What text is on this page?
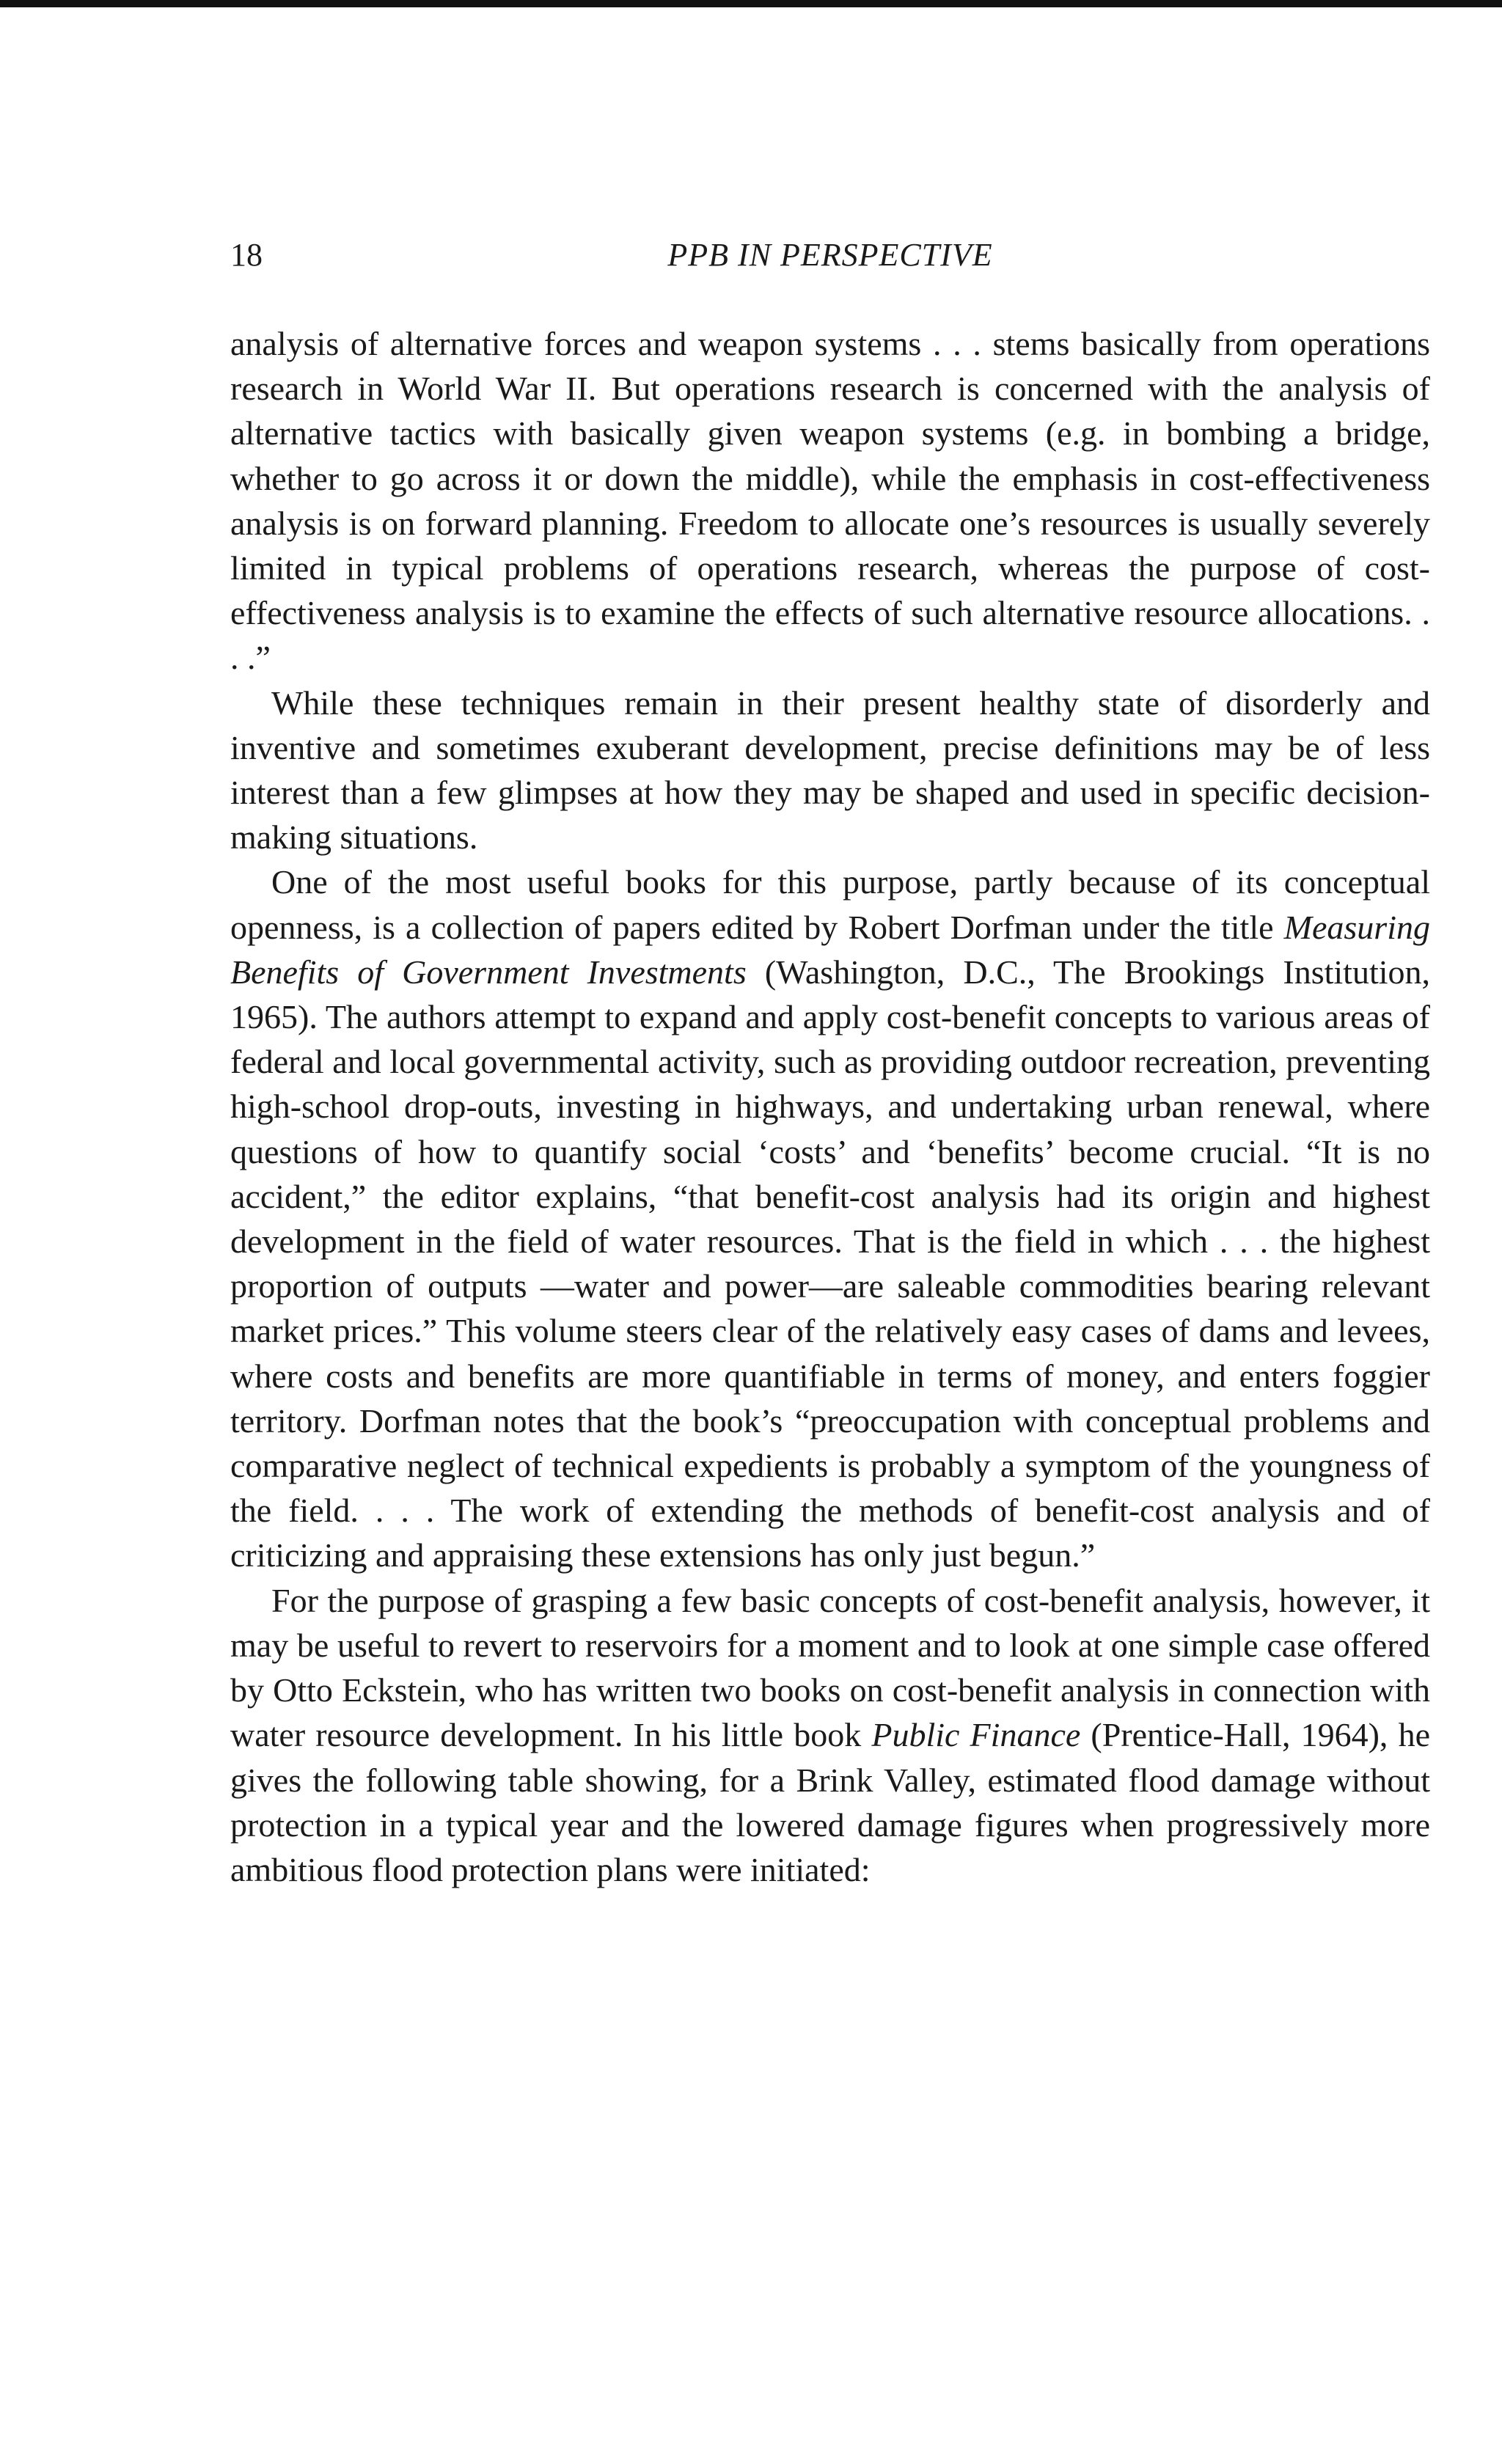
18	PPB IN PERSPECTIVE

analysis of alternative forces and weapon systems . . . stems basically from operations research in World War II. But operations research is concerned with the analysis of alternative tactics with basically given weapon systems (e.g. in bombing a bridge, whether to go across it or down the middle), while the emphasis in cost-effectiveness analysis is on forward planning. Freedom to allocate one’s resources is usually severely limited in typical problems of operations research, whereas the purpose of cost-effectiveness analysis is to examine the effects of such alternative resource allocations. . . .”

While these techniques remain in their present healthy state of disorderly and inventive and sometimes exuberant development, precise definitions may be of less interest than a few glimpses at how they may be shaped and used in specific decision-making situations.

One of the most useful books for this purpose, partly because of its conceptual openness, is a collection of papers edited by Robert Dorfman under the title Measuring Benefits of Government Investments (Washington, D.C., The Brookings Institution, 1965). The authors attempt to expand and apply cost-benefit concepts to various areas of federal and local governmental activity, such as providing outdoor recreation, preventing high-school drop-outs, investing in highways, and undertaking urban renewal, where questions of how to quantify social ‘costs’ and ‘benefits’ become crucial. “It is no accident,” the editor explains, “that benefit-cost analysis had its origin and highest development in the field of water resources. That is the field in which . . . the highest proportion of outputs —water and power—are saleable commodities bearing relevant market prices.” This volume steers clear of the relatively easy cases of dams and levees, where costs and benefits are more quantifiable in terms of money, and enters foggier territory. Dorfman notes that the book’s “preoccupation with conceptual problems and comparative neglect of technical expedients is probably a symptom of the youngness of the field. . . . The work of extending the methods of benefit-cost analysis and of criticizing and appraising these extensions has only just begun.”

For the purpose of grasping a few basic concepts of cost-benefit analysis, however, it may be useful to revert to reservoirs for a moment and to look at one simple case offered by Otto Eckstein, who has written two books on cost-benefit analysis in connection with water resource development. In his little book Public Finance (Prentice-Hall, 1964), he gives the following table showing, for a Brink Valley, estimated flood damage without protection in a typical year and the lowered damage figures when progressively more ambitious flood protection plans were initiated:
